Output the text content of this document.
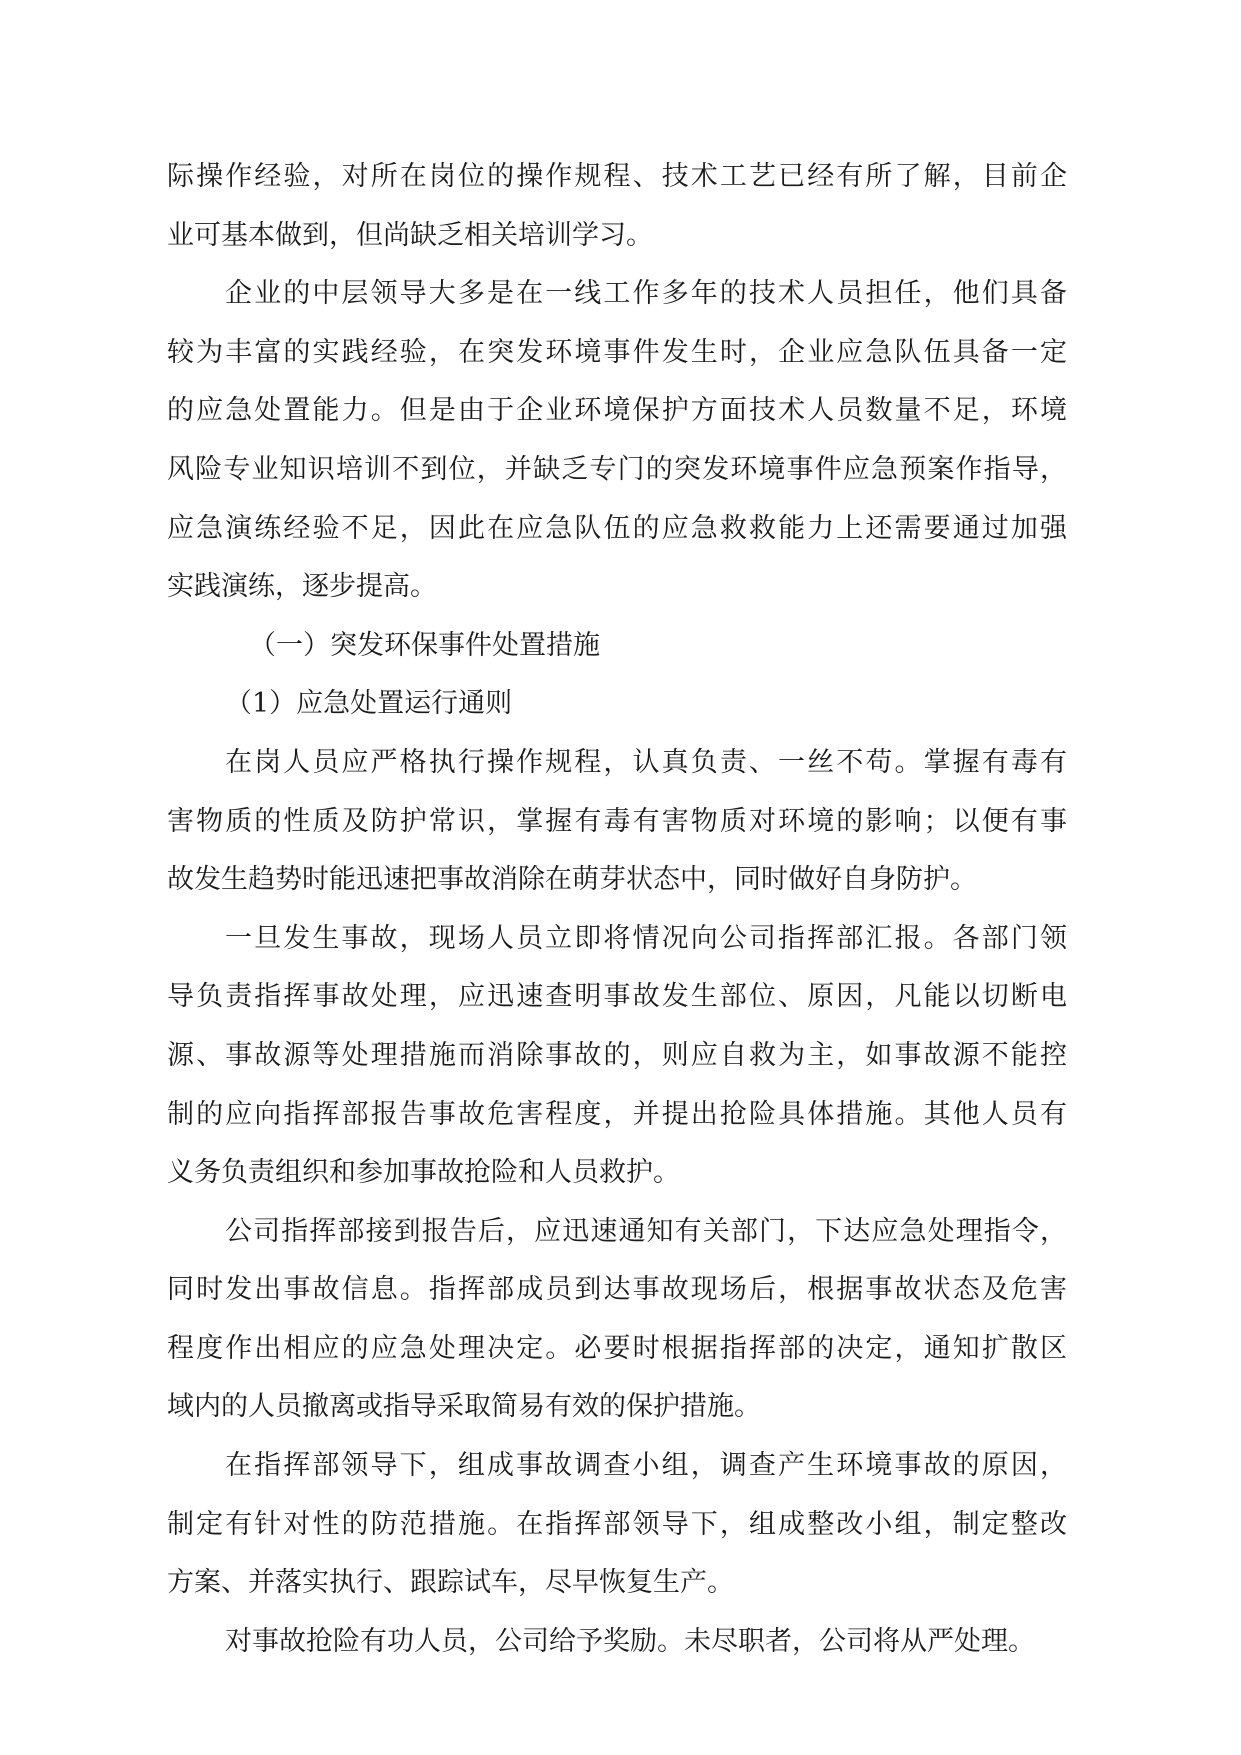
际操作经验，对所在岗位的操作规程、技术工艺已经有所了解，目前企
业可基本做到，但尚缺乏相关培训学习。
企业的中层领导大多是在一线工作多年的技术人员担任，他们具备
较为丰富的实践经验，在突发环境事件发生时，企业应急队伍具备一定
的应急处置能力。但是由于企业环境保护方面技术人员数量不足，环境
风险专业知识培训不到位，并缺乏专门的突发环境事件应急预案作指导，
应急演练经验不足，因此在应急队伍的应急救救能力上还需要通过加强
实践演练，逐步提高。
（一）突发环保事件处置措施
（1）应急处置运行通则
在岗人员应严格执行操作规程，认真负责、一丝不苟。掌握有毒有
害物质的性质及防护常识，掌握有毒有害物质对环境的影响；以便有事
故发生趋势时能迅速把事故消除在萌芽状态中，同时做好自身防护。
一旦发生事故，现场人员立即将情况向公司指挥部汇报。各部门领
导负责指挥事故处理，应迅速查明事故发生部位、原因，凡能以切断电
源、事故源等处理措施而消除事故的，则应自救为主，如事故源不能控
制的应向指挥部报告事故危害程度，并提出抢险具体措施。其他人员有
义务负责组织和参加事故抢险和人员救护。
公司指挥部接到报告后，应迅速通知有关部门，下达应急处理指令，
同时发出事故信息。指挥部成员到达事故现场后，根据事故状态及危害
程度作出相应的应急处理决定。必要时根据指挥部的决定，通知扩散区
域内的人员撤离或指导采取简易有效的保护措施。
在指挥部领导下，组成事故调查小组，调查产生环境事故的原因，
制定有针对性的防范措施。在指挥部领导下，组成整改小组，制定整改
方案、并落实执行、跟踪试车，尽早恢复生产。
对事故抢险有功人员，公司给予奖励。未尽职者，公司将从严处理。
